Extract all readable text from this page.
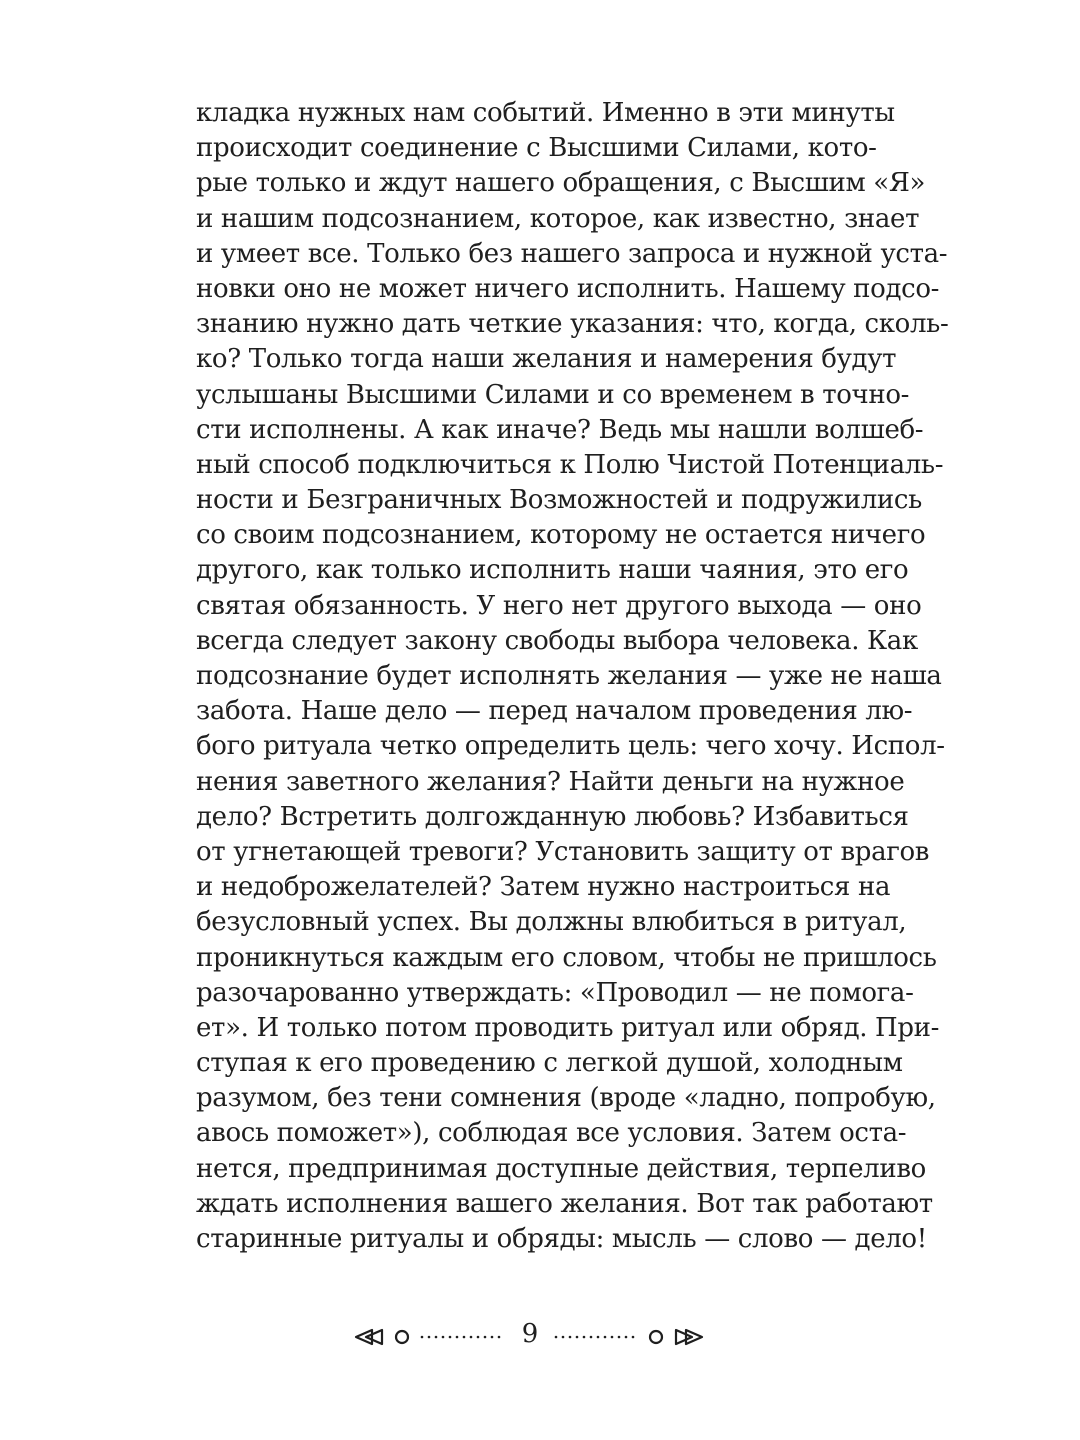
кладка нужных нам событий. Именно в эти минуты
происходит соединение с Высшими Силами, кото-
рые только и ждут нашего обращения, с Высшим «Я»
и нашим подсознанием, которое, как известно, знает
и умеет все. Только без нашего запроса и нужной уста-
новки оно не может ничего исполнить. Нашему подсо-
знанию нужно дать четкие указания: что, когда, сколь-
ко? Только тогда наши желания и намерения будут
услышаны Высшими Силами и со временем в точно-
сти исполнены. А как иначе? Ведь мы нашли волшеб-
ный способ подключиться к Полю Чистой Потенциаль-
ности и Безграничных Возможностей и подружились
со своим подсознанием, которому не остается ничего
другого, как только исполнить наши чаяния, это его
святая обязанность. У него нет другого выхода — оно
всегда следует закону свободы выбора человека. Как
подсознание будет исполнять желания — уже не наша
забота. Наше дело — перед началом проведения лю-
бого ритуала четко определить цель: чего хочу. Испол-
нения заветного желания? Найти деньги на нужное
дело? Встретить долгожданную любовь? Избавиться
от угнетающей тревоги? Установить защиту от врагов
и недоброжелателей? Затем нужно настроиться на
безусловный успех. Вы должны влюбиться в ритуал,
проникнуться каждым его словом, чтобы не пришлось
разочарованно утверждать: «Проводил — не помогa-
ет». И только потом проводить ритуал или обряд. При-
ступая к его проведению с легкой душой, холодным
разумом, без тени сомнения (вроде «ладно, попробую,
авось поможет»), соблюдая все условия. Затем оста-
нется, предпринимая доступные действия, терпеливо
ждать исполнения вашего желания. Вот так работают
старинные ритуалы и обряды: мысль — слово — дело!
9
